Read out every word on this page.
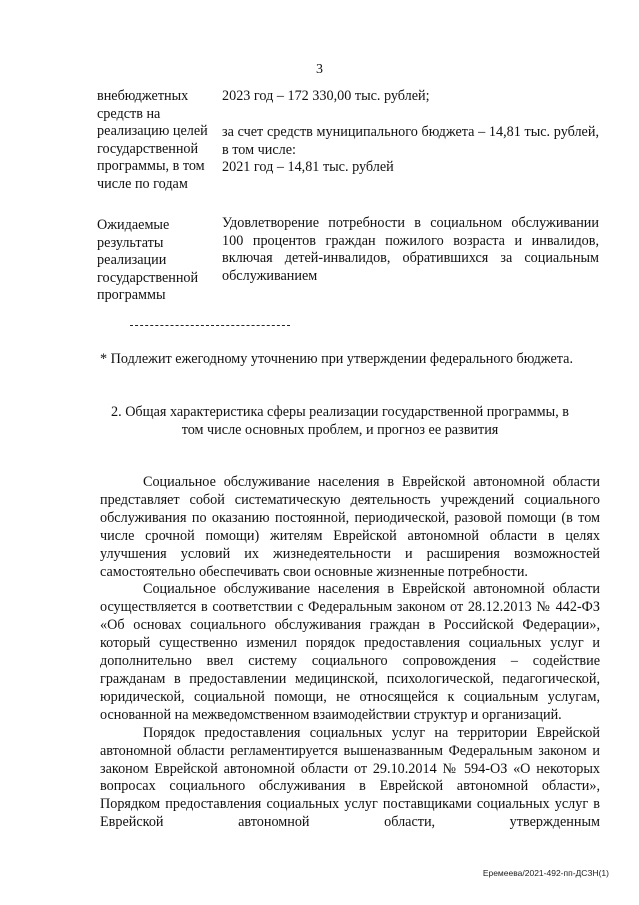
3
внебюджетных средств на реализацию целей государственной программы, в том числе по годам
2023 год – 172 330,00 тыс. рублей;
за счет средств муниципального бюджета – 14,81 тыс. рублей, в том числе:
2021 год – 14,81 тыс. рублей
Ожидаемые результаты реализации государственной программы
Удовлетворение потребности в социальном обслуживании 100 процентов граждан пожилого возраста и инвалидов, включая детей-инвалидов, обратившихся за социальным обслуживанием
* Подлежит ежегодному уточнению при утверждении федерального бюджета.
2. Общая характеристика сферы реализации государственной программы, в том числе основных проблем, и прогноз ее развития

Социальное обслуживание населения в Еврейской автономной области представляет собой систематическую деятельность учреждений социального обслуживания по оказанию постоянной, периодической, разовой помощи (в том числе срочной помощи) жителям Еврейской автономной области в целях улучшения условий их жизнедеятельности и расширения возможностей самостоятельно обеспечивать свои основные жизненные потребности.

Социальное обслуживание населения в Еврейской автономной области осуществляется в соответствии с Федеральным законом от 28.12.2013 № 442-ФЗ «Об основах социального обслуживания граждан в Российской Федерации», который существенно изменил порядок предоставления социальных услуг и дополнительно ввел систему социального сопровождения – содействие гражданам в предоставлении медицинской, психологической, педагогической, юридической, социальной помощи, не относящейся к социальным услугам, основанной на межведомственном взаимодействии структур и организаций.

Порядок предоставления социальных услуг на территории Еврейской автономной области регламентируется вышеназванным Федеральным законом и законом Еврейской автономной области от 29.10.2014 № 594-ОЗ «О некоторых вопросах социального обслуживания в Еврейской автономной области», Порядком предоставления социальных услуг поставщиками социальных услуг в Еврейской автономной области, утвержденным

Еремеева/2021-492-пп-ДСЗН(1)
